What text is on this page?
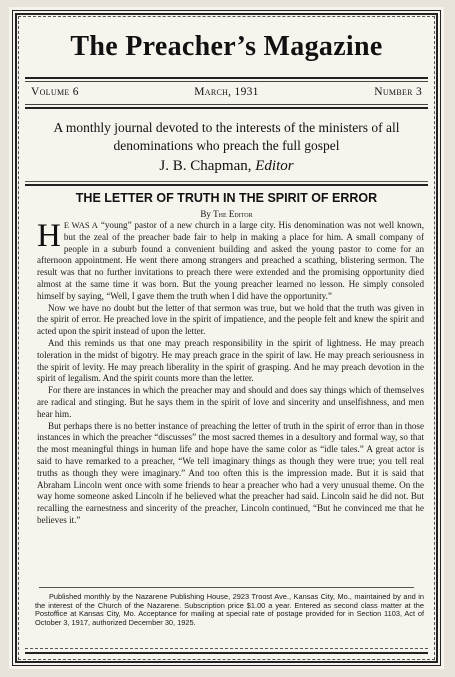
The Preacher’s Magazine
Volume 6	March, 1931	Number 3
A monthly journal devoted to the interests of the ministers of all denominations who preach the full gospel
J. B. Chapman, Editor
THE LETTER OF TRUTH IN THE SPIRIT OF ERROR
By The Editor

HE WAS A “young” pastor of a new church in a large city. His denomination was not well known, but the zeal of the preacher bade fair to help in making a place for him. A small company of people in a suburb found a convenient building and asked the young pastor to come for an afternoon appointment. He went there among strangers and preached a scathing, blistering sermon. The result was that no further invitations to preach there were extended and the promising opportunity died almost at the same time it was born. But the young preacher learned no lesson. He simply consoled himself by saying, “Well, I gave them the truth when I did have the opportunity.”

Now we have no doubt but the letter of that sermon was true, but we hold that the truth was given in the spirit of error. He preached love in the spirit of impatience, and the people felt and knew the spirit and acted upon the spirit instead of upon the letter.

And this reminds us that one may preach responsibility in the spirit of lightness. He may preach toleration in the midst of bigotry. He may preach grace in the spirit of law. He may preach seriousness in the spirit of levity. He may preach liberality in the spirit of grasping. And he may preach devotion in the spirit of legalism. And the spirit counts more than the letter.

For there are instances in which the preacher may and should and does say things which of themselves are radical and stinging. But he says them in the spirit of love and sincerity and unselfishness, and men hear him.

But perhaps there is no better instance of preaching the letter of truth in the spirit of error than in those instances in which the preacher “discusses” the most sacred themes in a desultory and formal way, so that the most meaningful things in human life and hope have the same color as “idle tales.” A great actor is said to have remarked to a preacher, “We tell imaginary things as though they were true; you tell real truths as though they were imaginary.” And too often this is the impression made. But it is said that Abraham Lincoln went once with some friends to hear a preacher who had a very unusual theme. On the way home someone asked Lincoln if he believed what the preacher had said. Lincoln said he did not. But recalling the earnestness and sincerity of the preacher, Lincoln continued, “But he convinced me that he believes it.”

Published monthly by the Nazarene Publishing House, 2923 Troost Ave., Kansas City, Mo., maintained by and in the interest of the Church of the Nazarene. Subscription price $1.00 a year. Entered as second class matter at the Postoffice at Kansas City, Mo. Acceptance for mailing at special rate of postage provided for in Section 1103, Act of October 3, 1917, authorized December 30, 1925.
